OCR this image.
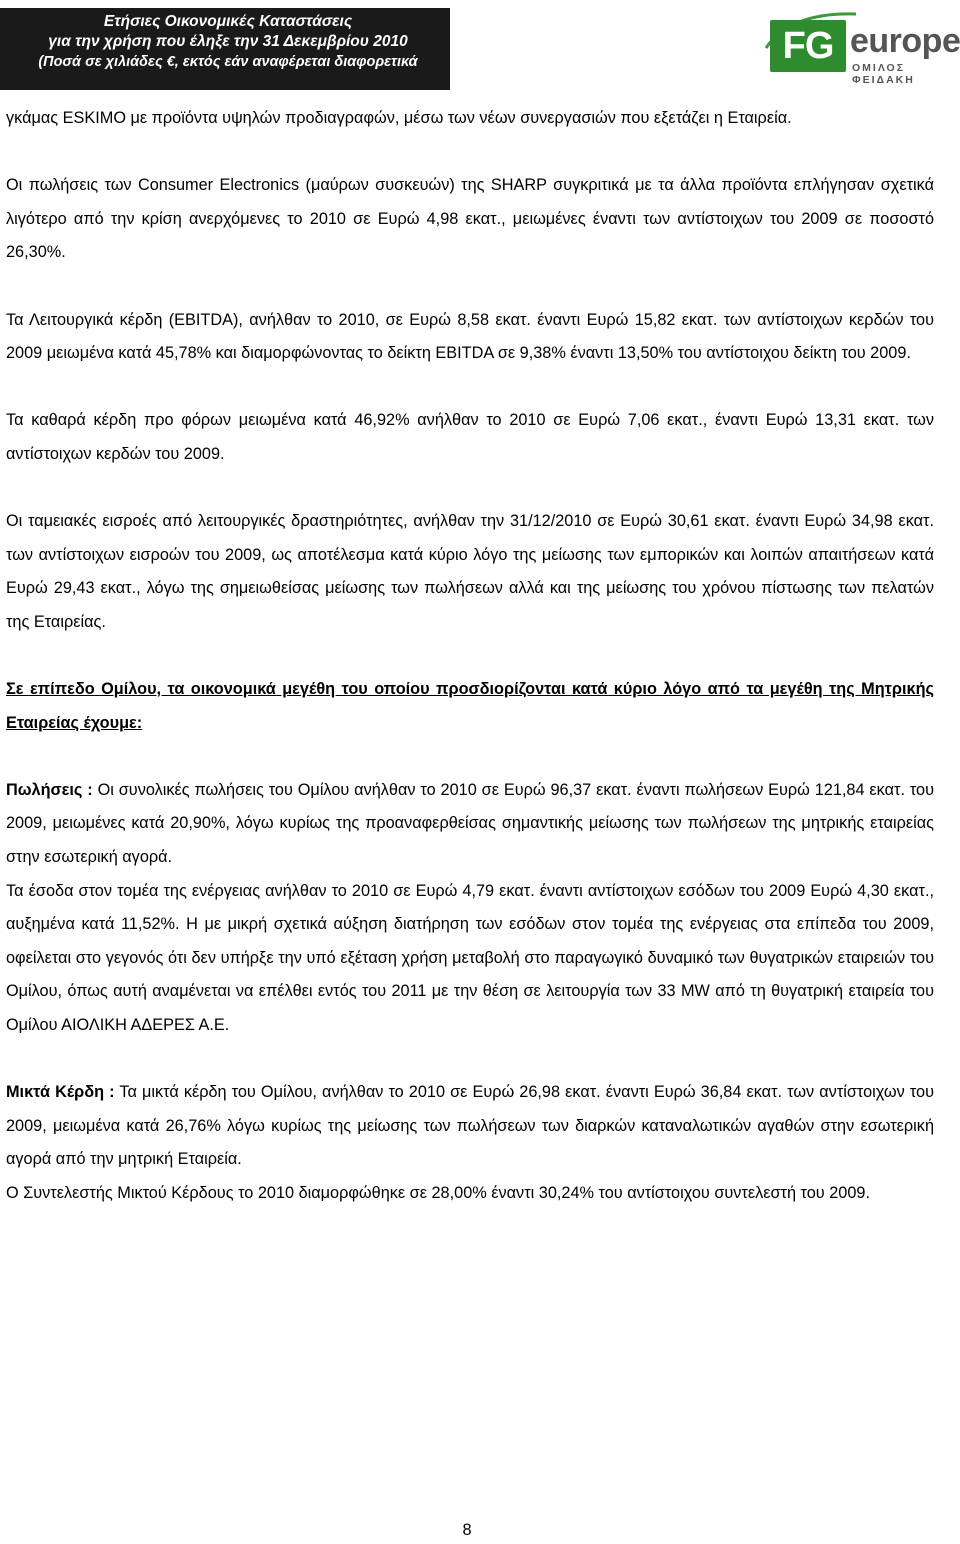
Ετήσιες Οικονομικές Καταστάσεις
για την χρήση που έληξε την 31 Δεκεμβρίου 2010
(Ποσά σε χιλιάδες €, εκτός εάν αναφέρεται διαφορετικά	FG europe
ΟΜΙΛΟΣ ΦΕΙΔΑΚΗ

γκάμας ESKIMO με προϊόντα υψηλών προδιαγραφών, μέσω των νέων συνεργασιών που εξετάζει η Εταιρεία.

Οι πωλήσεις των Consumer Electronics (μαύρων συσκευών) της SHARP συγκριτικά με τα άλλα προϊόντα επλήγησαν σχετικά λιγότερο από την κρίση ανερχόμενες το 2010 σε Ευρώ 4,98 εκατ., μειωμένες έναντι των αντίστοιχων του 2009 σε ποσοστό 26,30%.

Τα Λειτουργικά κέρδη (EBITDA), ανήλθαν το 2010, σε Ευρώ 8,58 εκατ. έναντι Ευρώ 15,82 εκατ. των αντίστοιχων κερδών του 2009 μειωμένα κατά 45,78% και διαμορφώνοντας το δείκτη EBITDA σε 9,38% έναντι 13,50% του αντίστοιχου δείκτη του 2009.

Τα καθαρά κέρδη προ φόρων μειωμένα κατά 46,92% ανήλθαν το 2010 σε Ευρώ 7,06 εκατ., έναντι Ευρώ 13,31 εκατ. των αντίστοιχων κερδών του 2009.

Οι ταμειακές εισροές από λειτουργικές δραστηριότητες, ανήλθαν την 31/12/2010 σε Ευρώ 30,61 εκατ. έναντι Ευρώ 34,98 εκατ. των αντίστοιχων εισροών του 2009, ως αποτέλεσμα κατά κύριο λόγο της μείωσης των εμπορικών και λοιπών απαιτήσεων κατά Ευρώ 29,43 εκατ., λόγω της σημειωθείσας μείωσης των πωλήσεων αλλά και της μείωσης του χρόνου πίστωσης των πελατών της Εταιρείας.

Σε επίπεδο Ομίλου, τα οικονομικά μεγέθη του οποίου προσδιορίζονται κατά κύριο λόγο από τα μεγέθη της Μητρικής Εταιρείας έχουμε:

Πωλήσεις : Οι συνολικές πωλήσεις του Ομίλου ανήλθαν το 2010 σε Ευρώ 96,37 εκατ. έναντι πωλήσεων Ευρώ 121,84 εκατ. του 2009, μειωμένες κατά 20,90%, λόγω κυρίως της προαναφερθείσας σημαντικής μείωσης των πωλήσεων της μητρικής εταιρείας στην εσωτερική αγορά.

Τα έσοδα στον τομέα της ενέργειας ανήλθαν το 2010 σε Ευρώ 4,79 εκατ. έναντι αντίστοιχων εσόδων του 2009 Ευρώ 4,30 εκατ., αυξημένα κατά 11,52%. Η με μικρή σχετικά αύξηση διατήρηση των εσόδων στον τομέα της ενέργειας στα επίπεδα του 2009, οφείλεται στο γεγονός ότι δεν υπήρξε την υπό εξέταση χρήση μεταβολή στο παραγωγικό δυναμικό των θυγατρικών εταιρειών του Ομίλου, όπως αυτή αναμένεται να επέλθει εντός του 2011 με την θέση σε λειτουργία των 33 MW από τη θυγατρική εταιρεία του Ομίλου ΑΙΟΛΙΚΗ ΑΔΕΡΕΣ Α.Ε.

Μικτά Κέρδη : Τα μικτά κέρδη του Ομίλου, ανήλθαν το 2010 σε Ευρώ 26,98 εκατ. έναντι Ευρώ 36,84 εκατ. των αντίστοιχων του 2009, μειωμένα κατά 26,76% λόγω κυρίως της μείωσης των πωλήσεων των διαρκών καταναλωτικών αγαθών στην εσωτερική αγορά από την μητρική Εταιρεία.

Ο Συντελεστής Μικτού Κέρδους το 2010 διαμορφώθηκε σε 28,00% έναντι 30,24% του αντίστοιχου συντελεστή του 2009.

8
